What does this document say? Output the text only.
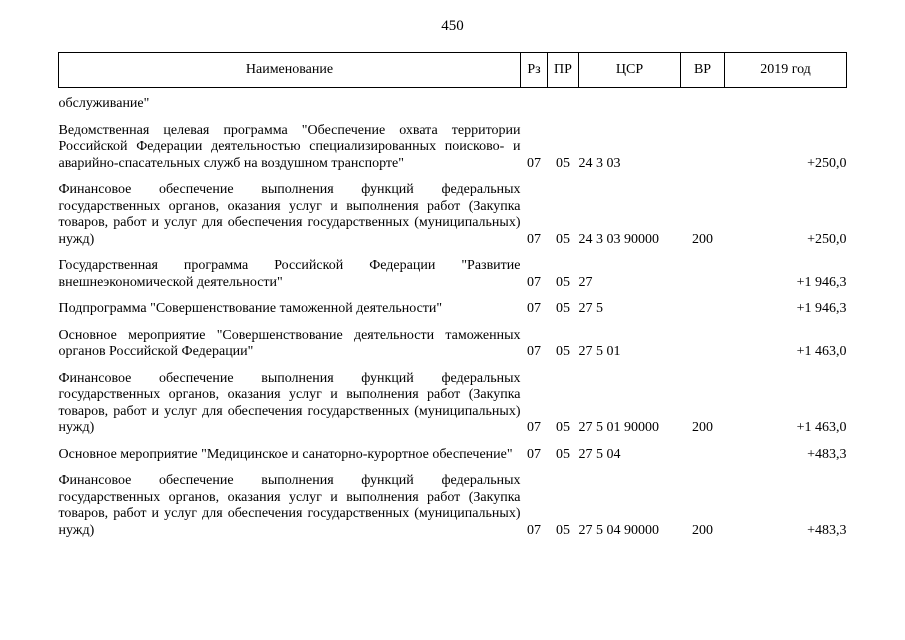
450
Наименование	Рз	ПР	ЦСР	ВР	2019 год
обслуживание"					
Ведомственная целевая программа "Обеспечение охвата территории Российской Федерации деятельностью специализированных поисково- и аварийно-спасательных служб на воздушном транспорте"	07	05	24 3 03		+250,0
Финансовое обеспечение выполнения функций федеральных государственных органов, оказания услуг и выполнения работ (Закупка товаров, работ и услуг для обеспечения государственных (муниципальных) нужд)	07	05	24 3 03 90000	200	+250,0
Государственная программа Российской Федерации "Развитие внешнеэкономической деятельности"	07	05	27		+1 946,3
Подпрограмма "Совершенствование таможенной деятельности"	07	05	27 5		+1 946,3
Основное мероприятие "Совершенствование деятельности таможенных органов Российской Федерации"	07	05	27 5 01		+1 463,0
Финансовое обеспечение выполнения функций федеральных государственных органов, оказания услуг и выполнения работ (Закупка товаров, работ и услуг для обеспечения государственных (муниципальных) нужд)	07	05	27 5 01 90000	200	+1 463,0
Основное мероприятие "Медицинское и санаторно-курортное обеспечение"	07	05	27 5 04		+483,3
Финансовое обеспечение выполнения функций федеральных государственных органов, оказания услуг и выполнения работ (Закупка товаров, работ и услуг для обеспечения государственных (муниципальных) нужд)	07	05	27 5 04 90000	200	+483,3
